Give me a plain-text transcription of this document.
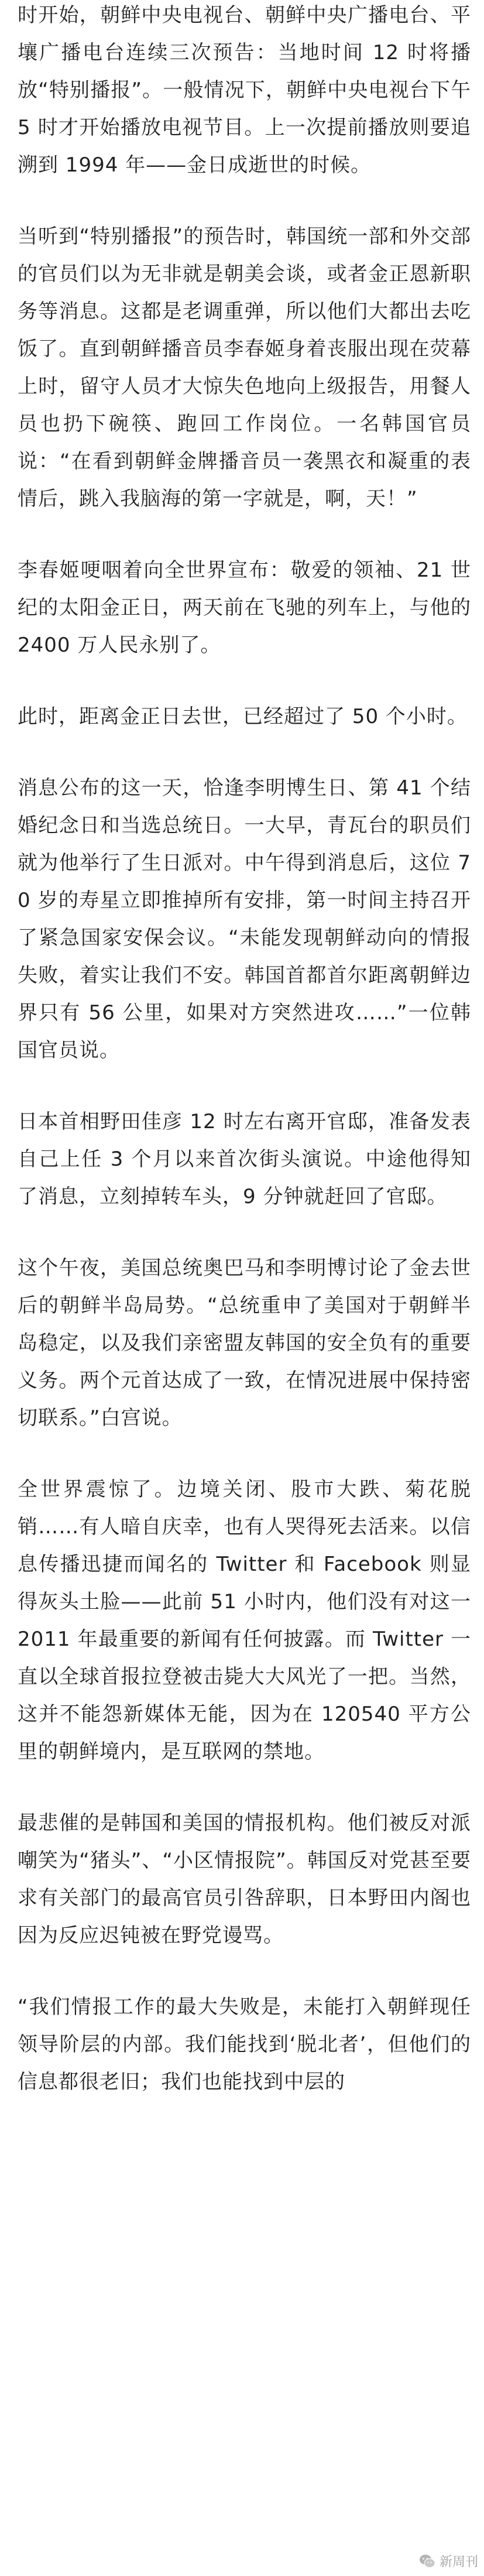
时开始，朝鲜中央电视台、朝鲜中央广播电台、平壤广播电台连续三次预告：当地时间 12 时将播放“特别播报”。一般情况下，朝鲜中央电视台下午 5 时才开始播放电视节目。上一次提前播放则要追溯到 1994 年——金日成逝世的时候。

当听到“特别播报”的预告时，韩国统一部和外交部的官员们以为无非就是朝美会谈，或者金正恩新职务等消息。这都是老调重弹，所以他们大都出去吃饭了。直到朝鲜播音员李春姬身着丧服出现在荧幕上时，留守人员才大惊失色地向上级报告，用餐人员也扔下碗筷、跑回工作岗位。一名韩国官员说：“在看到朝鲜金牌播音员一袭黑衣和凝重的表情后，跳入我脑海的第一字就是，啊，天！”

李春姬哽咽着向全世界宣布：敬爱的领袖、21 世纪的太阳金正日，两天前在飞驰的列车上，与他的 2400 万人民永别了。

此时，距离金正日去世，已经超过了 50 个小时。

消息公布的这一天，恰逢李明博生日、第 41 个结婚纪念日和当选总统日。一大早，青瓦台的职员们就为他举行了生日派对。中午得到消息后，这位 70 岁的寿星立即推掉所有安排，第一时间主持召开了紧急国家安保会议。“未能发现朝鲜动向的情报失败，着实让我们不安。韩国首都首尔距离朝鲜边界只有 56 公里，如果对方突然进攻……”一位韩国官员说。

日本首相野田佳彦 12 时左右离开官邸，准备发表自己上任 3 个月以来首次街头演说。中途他得知了消息，立刻掉转车头，9 分钟就赶回了官邸。

这个午夜，美国总统奥巴马和李明博讨论了金去世后的朝鲜半岛局势。“总统重申了美国对于朝鲜半岛稳定，以及我们亲密盟友韩国的安全负有的重要义务。两个元首达成了一致，在情况进展中保持密切联系。”白宫说。

全世界震惊了。边境关闭、股市大跌、菊花脱销……有人暗自庆幸，也有人哭得死去活来。以信息传播迅捷而闻名的 Twitter 和 Facebook 则显得灰头土脸——此前 51 小时内，他们没有对这一 2011 年最重要的新闻有任何披露。而 Twitter 一直以全球首报拉登被击毙大大风光了一把。当然，这并不能怨新媒体无能，因为在 120540 平方公里的朝鲜境内，是互联网的禁地。

最悲催的是韩国和美国的情报机构。他们被反对派嘲笑为“猪头”、“小区情报院”。韩国反对党甚至要求有关部门的最高官员引咎辞职，日本野田内阁也因为反应迟钝被在野党谩骂。

“我们情报工作的最大失败是，未能打入朝鲜现任领导阶层的内部。我们能找到‘脱北者’，但他们的信息都很老旧；我们也能找到中层的

新周刊
